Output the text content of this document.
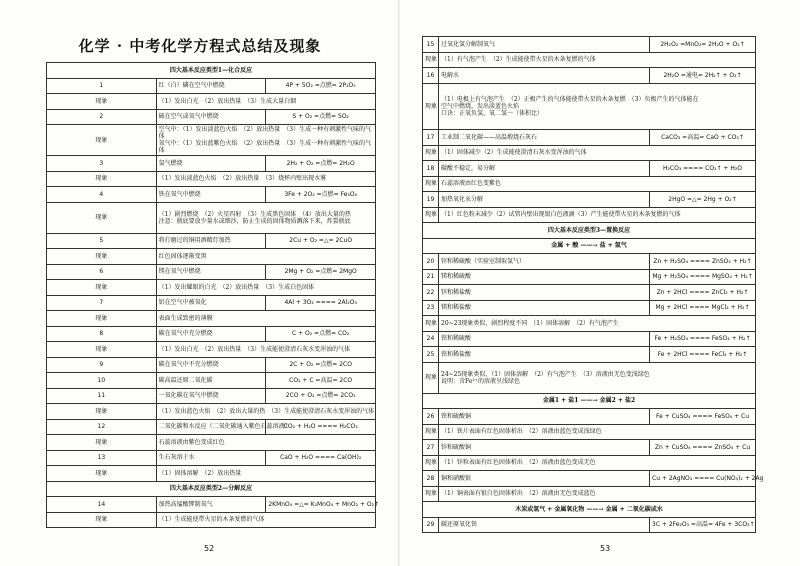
化学 · 中考化学方程式总结及现象
四大基本反应类型1—化合反应		
1	红（白）磷在空气中燃烧	4P + 5O₂ =点燃= 2P₂O₅
现象	（1）发出白光　（2）放出热量　（3）生成大量白烟	
2	硫在空气或氧气中燃烧	S + O₂ =点燃= SO₂
现象	空气中：（1）发出淡蓝色火焰　（2）放出热量　（3）生成一种有刺激性气味的气体
氧气中：（1）发出蓝紫色火焰　（2）放出热量　（3）生成一种有刺激性气味的气体	

3	氢气燃烧	2H₂ + O₂ =点燃= 2H₂O
现象	（1）发出淡蓝色火焰　（2）放出热量　（3）烧杯内壁出现水雾	
4	铁在氧气中燃烧	3Fe + 2O₂ =点燃= Fe₃O₄
现象	（1）剧烈燃烧　（2）火星四射　（3）生成黑色固体　（4）放出大量的热
注意：瓶底要放少量水或细沙，防止生成的固体物质溅落下来，炸裂瓶底	

5	将打磨过的铜用酒精灯加热	2Cu + O₂ =△= 2CuO
现象	红色固体逐渐变黑	
6	镁在氧气中燃烧	2Mg + O₂ =点燃= 2MgO
现象	（1）发出耀眼的白光　（2）放出热量　（3）生成白色固体	
7	铝在空气中被氧化	4Al + 3O₂ ==== 2Al₂O₃
现象	表面生成致密的薄膜	
8	碳在氧气中充分燃烧	C + O₂ =点燃= CO₂
现象	（1）发出白光　（2）放出热量　（3）生成能使澄清石灰水变浑浊的气体	
9	碳在氧气中不充分燃烧	2C + O₂ =点燃= 2CO
10	碳高温还原二氧化碳	CO₂ + C =高温= 2CO
11	一氧化碳在氧气中燃烧	2CO + O₂ =点燃= 2CO₂
现象	（1）发出蓝色火焰　（2）放出大量的热　（3）生成能使澄清石灰水变浑浊的气体	
12	二氧化碳和水反应（二氧化碳通入紫色石蕊溶液）	CO₂ + H₂O ==== H₂CO₃
现象	石蕊溶液由紫色变成红色	
13	生石灰溶于水	CaO + H₂O ==== Ca(OH)₂
现象	（1）固体溶解　（2）放出热量	
四大基本反应类型2—分解反应		
14	加热高锰酸钾制氧气	2KMnO₄ =△= K₂MnO₄ + MnO₂ + O₂↑
现象	（1）生成能使带火星的木条复燃的气体	
52
15	过氧化氢分解制氧气	2H₂O₂ =MnO₂= 2H₂O + O₂↑
现象	（1）有气泡产生　（2）生成能使带火星的木条复燃的气体	
16	电解水	2H₂O =通电= 2H₂↑ + O₂↑
现象	（1）电极上有气泡产生　（2）正极产生的气体能使带火星的木条复燃　（3）负极产生的气体能在
空气中燃烧，发出淡蓝色火焰
口诀：正氧负氢，氧二氢一（体积比）	

17	工业制二氧化碳——高温煅烧石灰石	CaCO₃ =高温= CaO + CO₂↑
现象	（1）固体减少（2）生成能使澄清石灰水变浑浊的气体	
18	碳酸不稳定，易分解	H₂CO₃ ==== CO₂↑ + H₂O
现象	石蕊溶液由红色变紫色	
19	加热氧化汞分解	2HgO =△= 2Hg + O₂↑
现象	（1）红色粉末减少（2）试管内壁出现银白色液滴（3）产生能使带火星的木条复燃的气体	
四大基本反应类型3—置换反应		
金属 + 酸 ——→ 盐 + 氢气		
20	锌和稀硫酸（实验室制取氢气）	Zn + H₂SO₄ ==== ZnSO₄ + H₂↑
21	镁和稀硫酸	Mg + H₂SO₄ ==== MgSO₄ + H₂↑
22	锌和稀盐酸	Zn + 2HCl ==== ZnCl₂ + H₂↑
23	镁和稀盐酸	Mg + 2HCl ==== MgCl₂ + H₂↑
现象	20~23现象类似，剧烈程度不同　（1）固体溶解　（2）有气泡产生	
24	铁和稀硫酸	Fe + H₂SO₄ ==== FeSO₄ + H₂↑
25	铁和稀盐酸	Fe + 2HCl ==== FeCl₂ + H₂↑
现象	24~25现象类似，（1）固体溶解　（2）有气泡产生　（3）溶液由无色变浅绿色
说明：含Fe²⁺的溶液呈浅绿色	

金属1 + 盐1 ——→ 金属2 + 盐2		
26	铁和硫酸铜	Fe + CuSO₄ ==== FeSO₄ + Cu
现象	（1）铁片表面有红色固体析出　（2）溶液由蓝色变成浅绿色	
27	锌和硫酸铜	Zn + CuSO₄ ==== ZnSO₄ + Cu
现象	（1）锌粒表面有红色固体析出　（2）溶液由蓝色变成无色	
28	铜和硝酸银	Cu + 2AgNO₃ ==== Cu(NO₃)₂ + 2Ag
现象	（1）铜表面有银白色固体析出　（2）溶液由无色变成蓝色	
木炭或氢气 + 金属氧化物 ——→ 金属 + 二氧化碳或水		
29	碳还原氧化铁	3C + 2Fe₂O₃ =高温= 4Fe + 3CO₂↑
53
